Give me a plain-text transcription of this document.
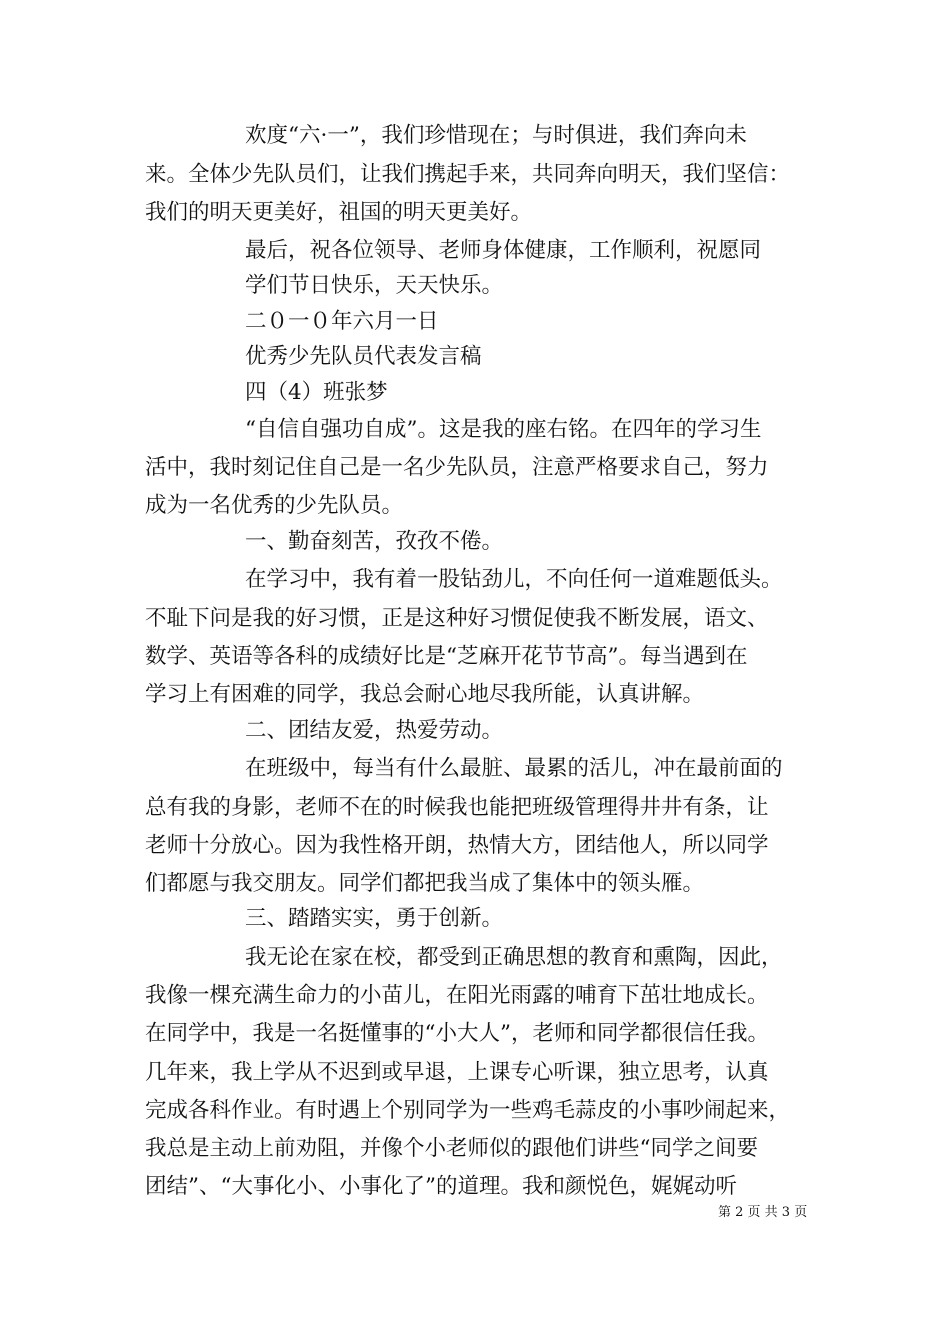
欢度“六·一”，我们珍惜现在；与时俱进，我们奔向未
来。全体少先队员们，让我们携起手来，共同奔向明天，我们坚信：
我们的明天更美好，祖国的明天更美好。
最后，祝各位领导、老师身体健康，工作顺利，祝愿同
学们节日快乐，天天快乐。
二０一０年六月一日
优秀少先队员代表发言稿
四（4）班张梦
“自信自强功自成”。这是我的座右铭。在四年的学习生
活中，我时刻记住自己是一名少先队员，注意严格要求自己，努力
成为一名优秀的少先队员。
一、勤奋刻苦，孜孜不倦。
在学习中，我有着一股钻劲儿，不向任何一道难题低头。
不耻下问是我的好习惯，正是这种好习惯促使我不断发展，语文、
数学、英语等各科的成绩好比是“芝麻开花节节高”。每当遇到在
学习上有困难的同学，我总会耐心地尽我所能，认真讲解。
二、团结友爱，热爱劳动。
在班级中，每当有什么最脏、最累的活儿，冲在最前面的
总有我的身影，老师不在的时候我也能把班级管理得井井有条，让
老师十分放心。因为我性格开朗，热情大方，团结他人，所以同学
们都愿与我交朋友。同学们都把我当成了集体中的领头雁。
三、踏踏实实，勇于创新。
我无论在家在校，都受到正确思想的教育和熏陶，因此，
我像一棵充满生命力的小苗儿，在阳光雨露的哺育下茁壮地成长。
在同学中，我是一名挺懂事的“小大人”，老师和同学都很信任我。
几年来，我上学从不迟到或早退，上课专心听课，独立思考，认真
完成各科作业。有时遇上个别同学为一些鸡毛蒜皮的小事吵闹起来，
我总是主动上前劝阻，并像个小老师似的跟他们讲些“同学之间要
团结”、“大事化小、小事化了”的道理。我和颜悦色，娓娓动听
第 2 页 共 3 页
